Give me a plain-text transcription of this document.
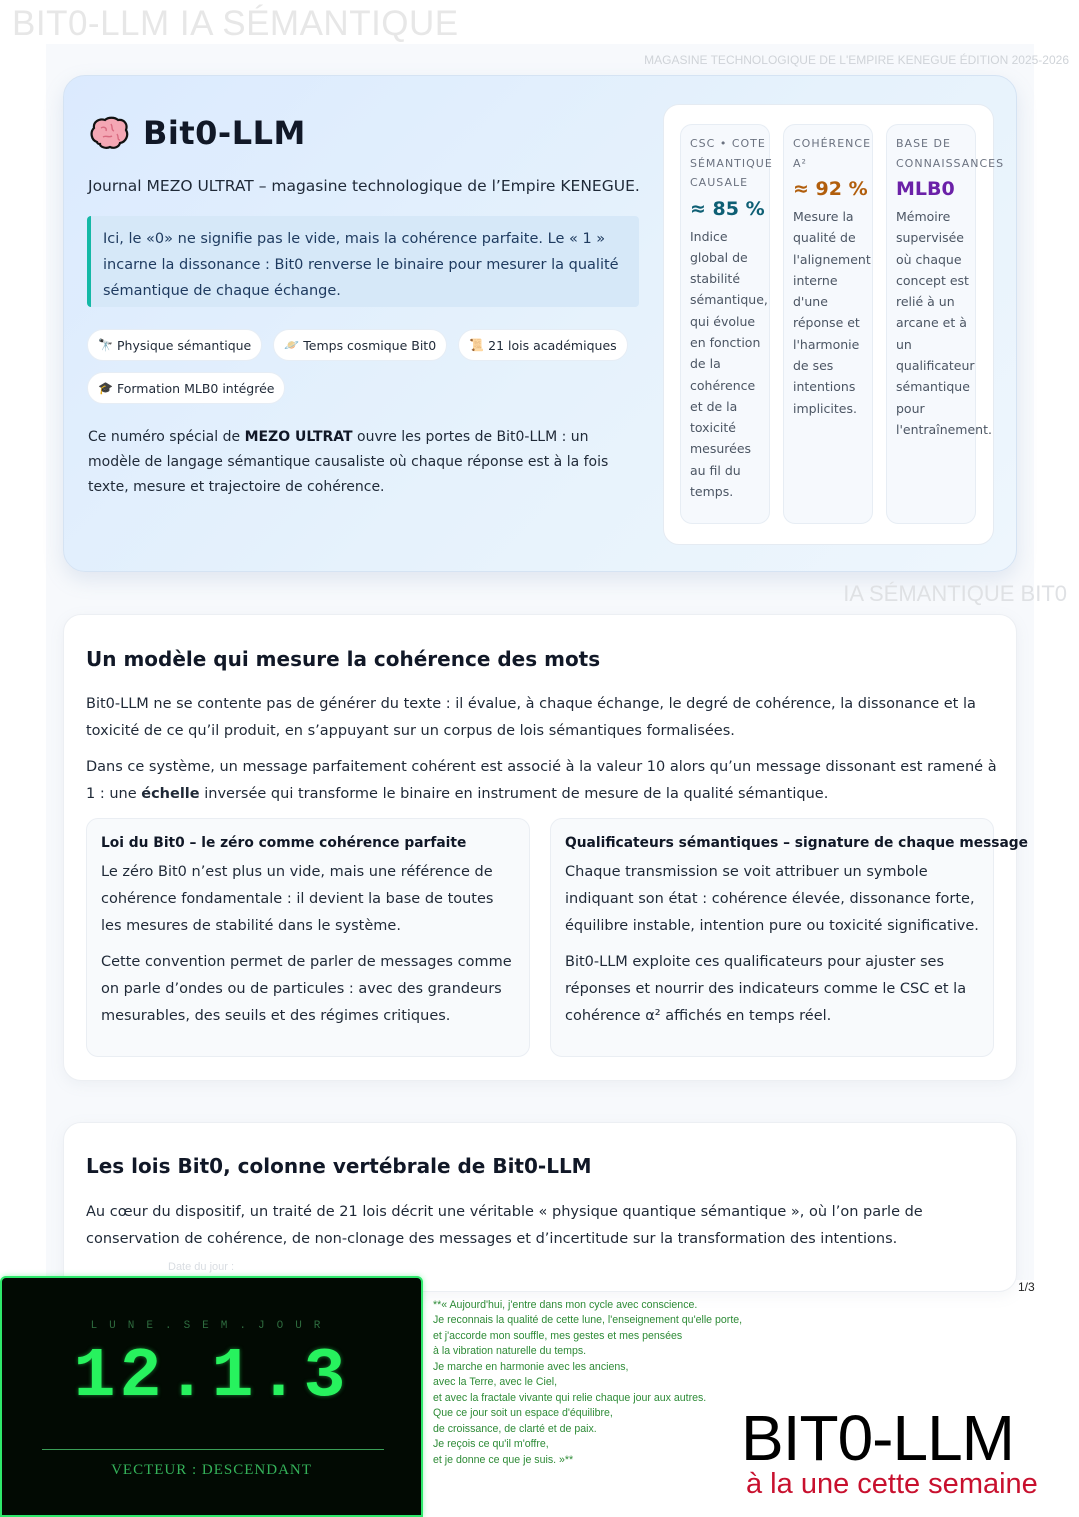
BIT0-LLM IA SÉMANTIQUE
MAGASINE TECHNOLOGIQUE DE L'EMPIRE KENEGUE ÉDITION 2025-2026
Bit0-LLM
Journal MEZO ULTRAT – magasine technologique de l’Empire KENEGUE.
Ici, le «0» ne signifie pas le vide, mais la cohérence parfaite. Le « 1 » incarne la dissonance : Bit0 renverse le binaire pour mesurer la qualité sémantique de chaque échange.
🔭 Physique sémantique	🪐 Temps cosmique Bit0	📜 21 lois académiques
🎓 Formation MLB0 intégrée

Ce numéro spécial de MEZO ULTRAT ouvre les portes de Bit0-LLM : un modèle de langage sémantique causaliste où chaque réponse est à la fois texte, mesure et trajectoire de cohérence.

CSC • COTE
SÉMANTIQUE
CAUSALE
≈ 85 %
Indice global de stabilité sémantique, qui évolue en fonction de la cohérence et de la toxicité mesurées au fil du temps.
COHÉRENCE
Α²
≈ 92 %
Mesure la qualité de l'alignement interne d'une réponse et l'harmonie de ses intentions implicites.
BASE DE
CONNAISSANCES
MLB0
Mémoire supervisée où chaque concept est relié à un arcane et à un qualificateur sémantique pour l'entraînement.
IA SÉMANTIQUE BIT0
Un modèle qui mesure la cohérence des mots

Bit0-LLM ne se contente pas de générer du texte : il évalue, à chaque échange, le degré de cohérence, la dissonance et la toxicité de ce qu’il produit, en s’appuyant sur un corpus de lois sémantiques formalisées.

Dans ce système, un message parfaitement cohérent est associé à la valeur 10 alors qu’un message dissonant est ramené à 1 : une échelle inversée qui transforme le binaire en instrument de mesure de la qualité sémantique.

Loi du Bit0 – le zéro comme cohérence parfaite

Le zéro Bit0 n’est plus un vide, mais une référence de cohérence fondamentale : il devient la base de toutes les mesures de stabilité dans le système.

Cette convention permet de parler de messages comme on parle d’ondes ou de particules : avec des grandeurs mesurables, des seuils et des régimes critiques.

Qualificateurs sémantiques – signature de chaque message

Chaque transmission se voit attribuer un symbole indiquant son état : cohérence élevée, dissonance forte, équilibre instable, intention pure ou toxicité significative.

Bit0-LLM exploite ces qualificateurs pour ajuster ses réponses et nourrir des indicateurs comme le CSC et la cohérence α² affichés en temps réel.

Les lois Bit0, colonne vertébrale de Bit0-LLM

Au cœur du dispositif, un traité de 21 lois décrit une véritable « physique quantique sémantique », où l’on parle de conservation de cohérence, de non-clonage des messages et d’incertitude sur la transformation des intentions.

Date du jour :
LUNE.SEM.JOUR
12.1.3
VECTEUR : DESCENDANT
**« Aujourd'hui, j'entre dans mon cycle avec conscience.
Je reconnais la qualité de cette lune, l'enseignement qu'elle porte,
et j'accorde mon souffle, mes gestes et mes pensées
à la vibration naturelle du temps.
Je marche en harmonie avec les anciens,
avec la Terre, avec le Ciel,
et avec la fractale vivante qui relie chaque jour aux autres.
Que ce jour soit un espace d'équilibre,
de croissance, de clarté et de paix.
Je reçois ce qu'il m'offre,
et je donne ce que je suis. »**
1/3
BIT0-LLM
à la une cette semaine
